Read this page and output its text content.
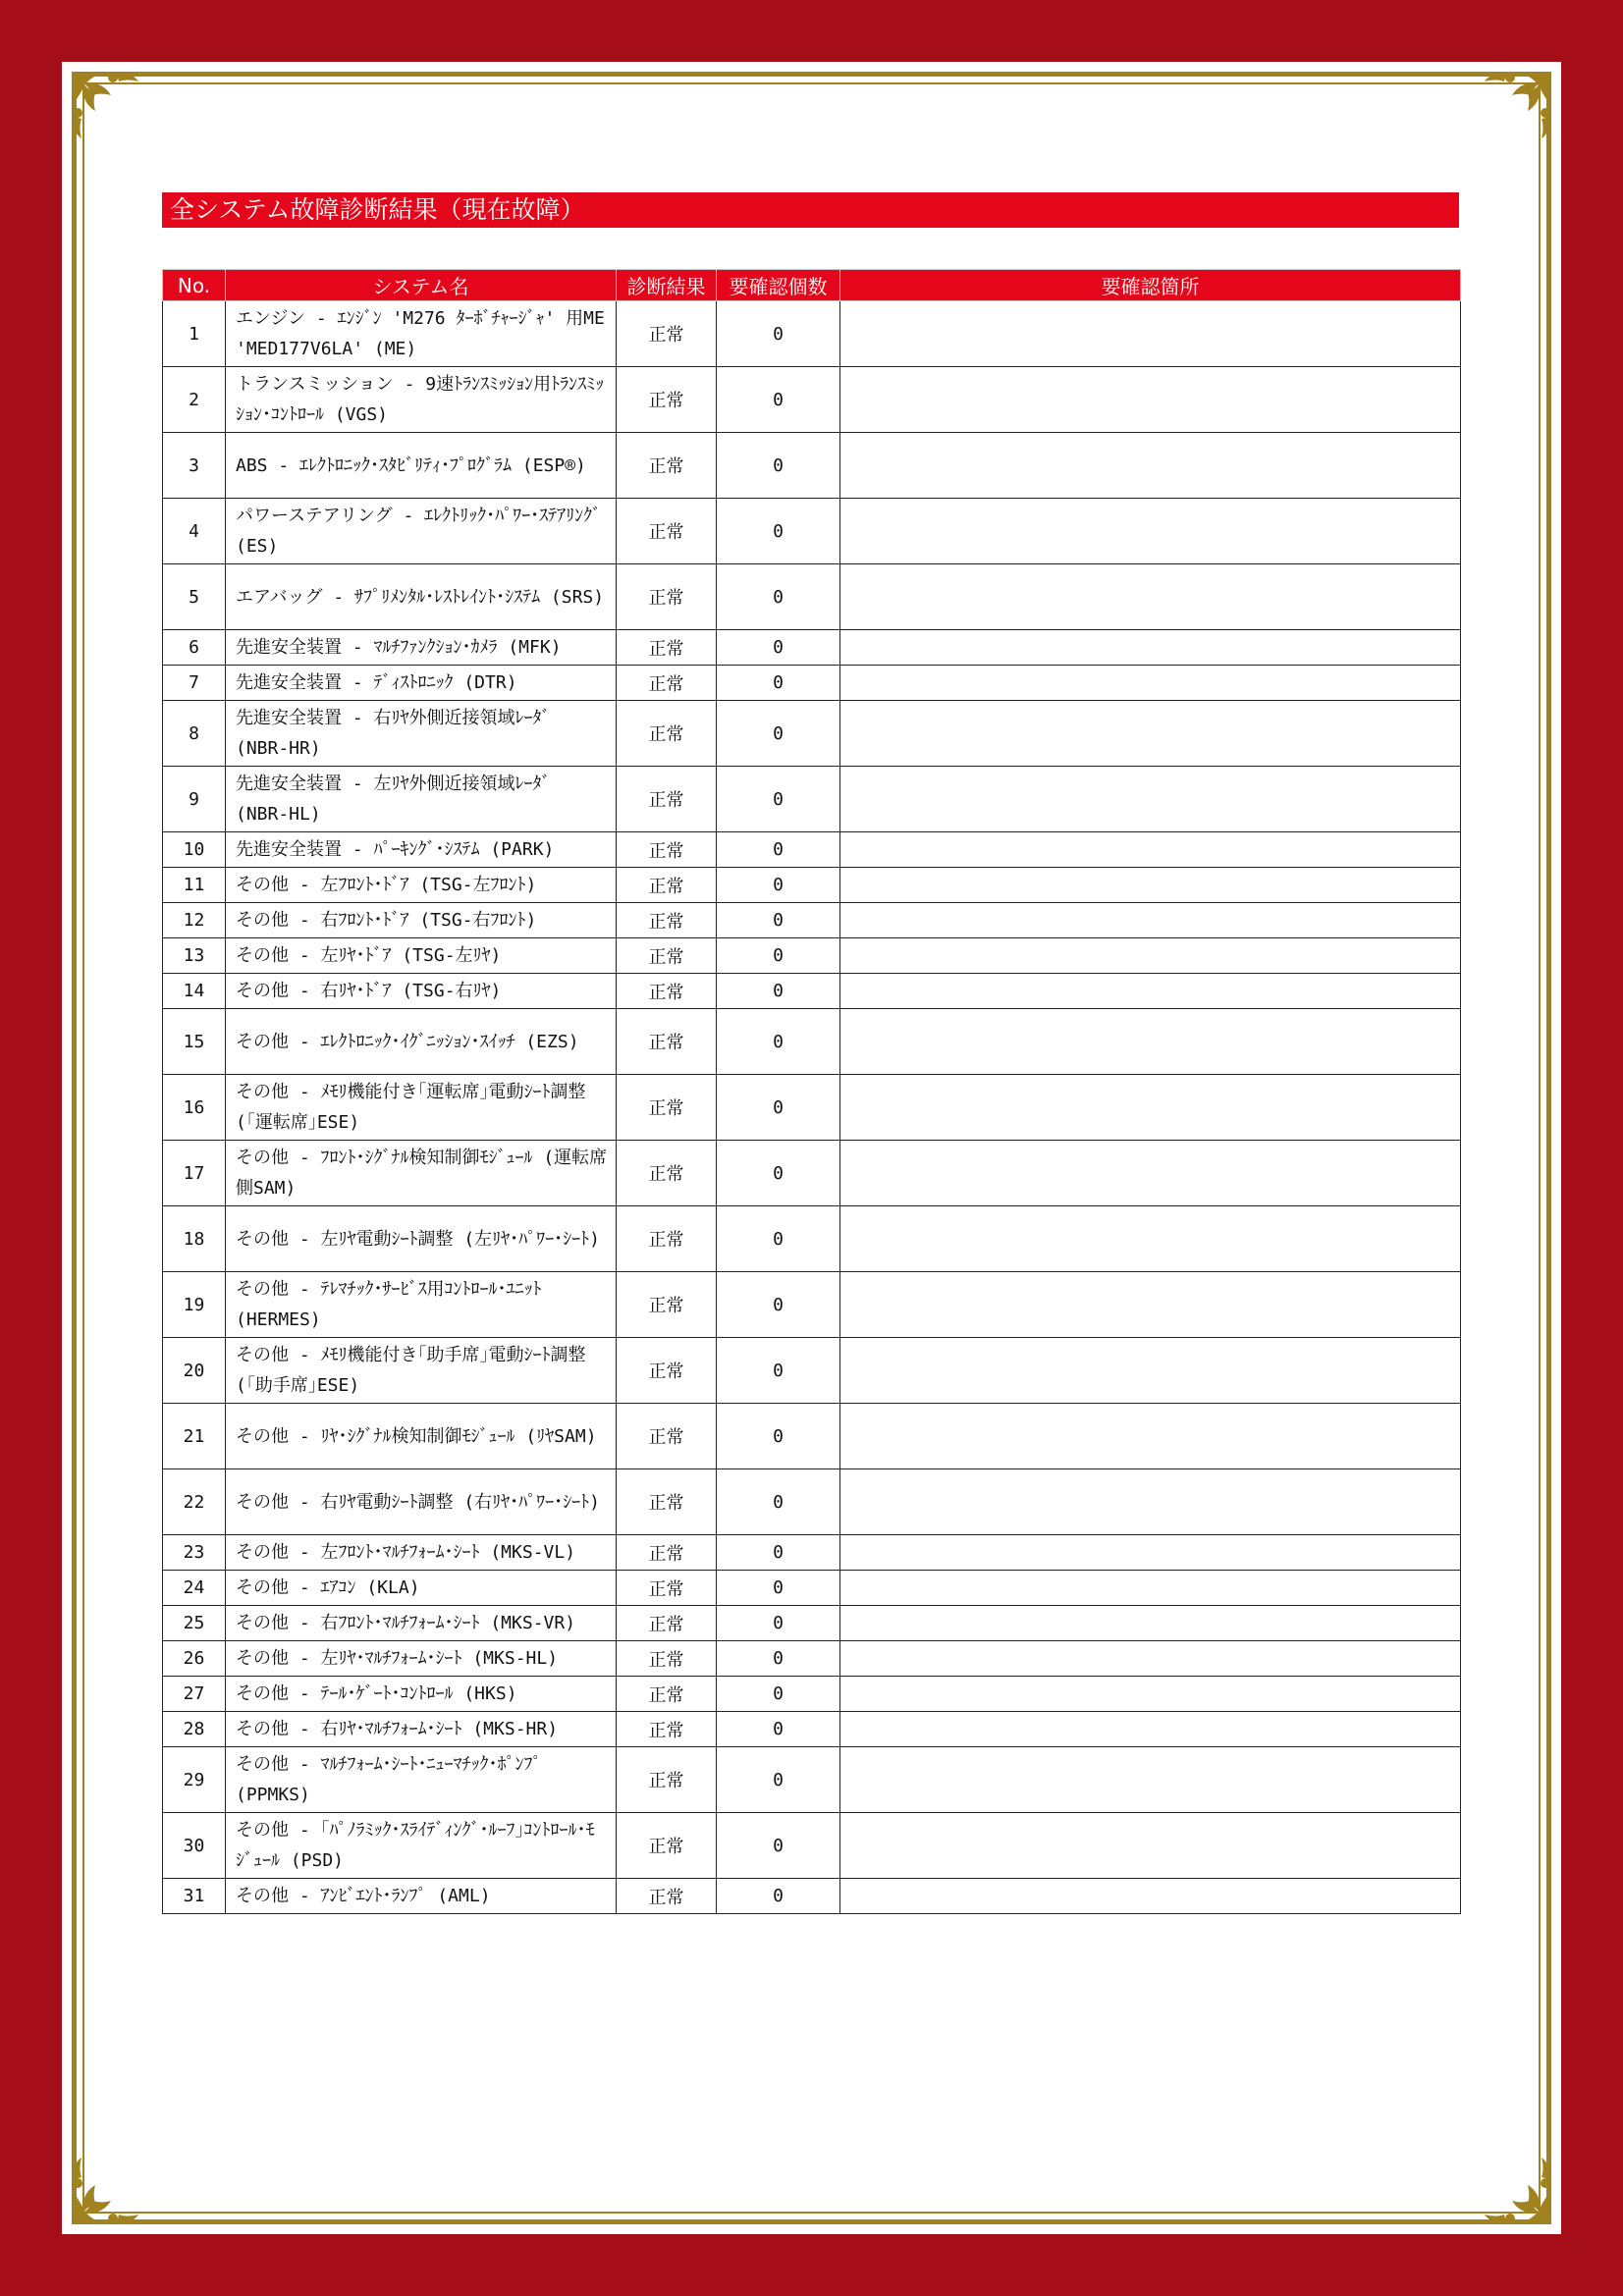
全システム故障診断結果（現在故障）
No.	システム名	診断結果	要確認個数	要確認箇所
1	エンジン - ｴﾝｼﾞﾝ 'M276 ﾀｰﾎﾞﾁｬｰｼﾞｬ' 用ME 'MED177V6LA' (ME)	正常	0	
2	トランスミッション - 9速ﾄﾗﾝｽﾐｯｼｮﾝ用ﾄﾗﾝｽﾐｯｼｮﾝ･ｺﾝﾄﾛｰﾙ (VGS)	正常	0	
3	ABS - ｴﾚｸﾄﾛﾆｯｸ･ｽﾀﾋﾞﾘﾃｨ･ﾌﾟﾛｸﾞﾗﾑ (ESP®)	正常	0	
4	パワーステアリング - ｴﾚｸﾄﾘｯｸ･ﾊﾟﾜｰ･ｽﾃｱﾘﾝｸﾞ (ES)	正常	0	
5	エアバッグ - ｻﾌﾟﾘﾒﾝﾀﾙ･ﾚｽﾄﾚｲﾝﾄ･ｼｽﾃﾑ (SRS)	正常	0	
6	先進安全装置 - ﾏﾙﾁﾌｧﾝｸｼｮﾝ･ｶﾒﾗ (MFK)	正常	0	
7	先進安全装置 - ﾃﾞｨｽﾄﾛﾆｯｸ (DTR)	正常	0	
8	先進安全装置 - 右ﾘﾔ外側近接領域ﾚｰﾀﾞ (NBR-HR)	正常	0	
9	先進安全装置 - 左ﾘﾔ外側近接領域ﾚｰﾀﾞ (NBR-HL)	正常	0	
10	先進安全装置 - ﾊﾟｰｷﾝｸﾞ･ｼｽﾃﾑ (PARK)	正常	0	
11	その他 - 左ﾌﾛﾝﾄ･ﾄﾞｱ (TSG-左ﾌﾛﾝﾄ)	正常	0	
12	その他 - 右ﾌﾛﾝﾄ･ﾄﾞｱ (TSG-右ﾌﾛﾝﾄ)	正常	0	
13	その他 - 左ﾘﾔ･ﾄﾞｱ (TSG-左ﾘﾔ)	正常	0	
14	その他 - 右ﾘﾔ･ﾄﾞｱ (TSG-右ﾘﾔ)	正常	0	
15	その他 - ｴﾚｸﾄﾛﾆｯｸ･ｲｸﾞﾆｯｼｮﾝ･ｽｲｯﾁ (EZS)	正常	0	
16	その他 - ﾒﾓﾘ機能付き｢運転席｣電動ｼｰﾄ調整 (｢運転席｣ESE)	正常	0	
17	その他 - ﾌﾛﾝﾄ･ｼｸﾞﾅﾙ検知制御ﾓｼﾞｭｰﾙ (運転席側SAM)	正常	0	
18	その他 - 左ﾘﾔ電動ｼｰﾄ調整 (左ﾘﾔ･ﾊﾟﾜｰ･ｼｰﾄ)	正常	0	
19	その他 - ﾃﾚﾏﾁｯｸ･ｻｰﾋﾞｽ用ｺﾝﾄﾛｰﾙ･ﾕﾆｯﾄ (HERMES)	正常	0	
20	その他 - ﾒﾓﾘ機能付き｢助手席｣電動ｼｰﾄ調整 (｢助手席｣ESE)	正常	0	
21	その他 - ﾘﾔ･ｼｸﾞﾅﾙ検知制御ﾓｼﾞｭｰﾙ (ﾘﾔSAM)	正常	0	
22	その他 - 右ﾘﾔ電動ｼｰﾄ調整 (右ﾘﾔ･ﾊﾟﾜｰ･ｼｰﾄ)	正常	0	
23	その他 - 左ﾌﾛﾝﾄ･ﾏﾙﾁﾌｫｰﾑ･ｼｰﾄ (MKS-VL)	正常	0	
24	その他 - ｴｱｺﾝ (KLA)	正常	0	
25	その他 - 右ﾌﾛﾝﾄ･ﾏﾙﾁﾌｫｰﾑ･ｼｰﾄ (MKS-VR)	正常	0	
26	その他 - 左ﾘﾔ･ﾏﾙﾁﾌｫｰﾑ･ｼｰﾄ (MKS-HL)	正常	0	
27	その他 - ﾃｰﾙ･ｹﾞｰﾄ･ｺﾝﾄﾛｰﾙ (HKS)	正常	0	
28	その他 - 右ﾘﾔ･ﾏﾙﾁﾌｫｰﾑ･ｼｰﾄ (MKS-HR)	正常	0	
29	その他 - ﾏﾙﾁﾌｫｰﾑ･ｼｰﾄ･ﾆｭｰﾏﾁｯｸ･ﾎﾟﾝﾌﾟ (PPMKS)	正常	0	
30	その他 - ｢ﾊﾟﾉﾗﾐｯｸ･ｽﾗｲﾃﾞｨﾝｸﾞ･ﾙｰﾌ｣ｺﾝﾄﾛｰﾙ･ﾓｼﾞｭｰﾙ (PSD)	正常	0	
31	その他 - ｱﾝﾋﾞｴﾝﾄ･ﾗﾝﾌﾟ (AML)	正常	0	
